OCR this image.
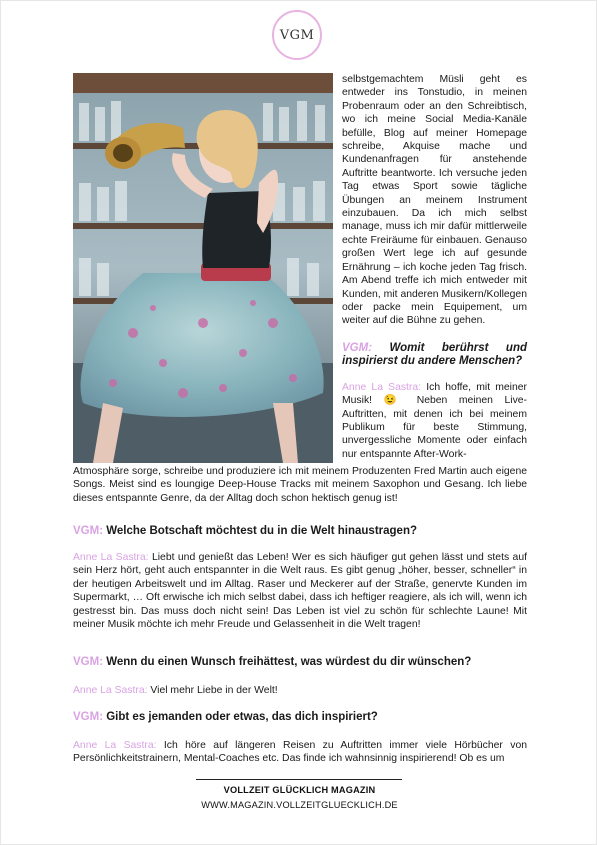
VGM

selbstgemachtem Müsli geht es entweder ins Tonstudio, in meinen Probenraum oder an den Schreibtisch, wo ich meine Social Media-Kanäle befülle, Blog auf meiner Homepage schreibe, Akquise mache und Kundenanfragen für anstehende Auftritte beantworte. Ich versuche jeden Tag etwas Sport sowie tägliche Übungen an meinem Instrument einzubauen. Da ich mich selbst manage, muss ich mir dafür mittlerweile echte Freiräume für einbauen. Genauso großen Wert lege ich auf gesunde Ernährung – ich koche jeden Tag frisch. Am Abend treffe ich mich entweder mit Kunden, mit anderen Musikern/Kollegen oder packe mein Equipement, um weiter auf die Bühne zu gehen.

VGM: Womit berührst und inspirierst du andere Menschen?

Anne La Sastra: Ich hoffe, mit meiner Musik! 😉 Neben meinen Live-Auftritten, mit denen ich bei meinem Publikum für beste Stimmung, unvergessliche Momente oder einfach nur entspannte After-Work-

Atmosphäre sorge, schreibe und produziere ich mit meinem Produzenten Fred Martin auch eigene Songs. Meist sind es loungige Deep-House Tracks mit meinem Saxophon und Gesang. Ich liebe dieses entspannte Genre, da der Alltag doch schon hektisch genug ist!

VGM: Welche Botschaft möchtest du in die Welt hinaustragen?

Anne La Sastra: Liebt und genießt das Leben! Wer es sich häufiger gut gehen lässt und stets auf sein Herz hört, geht auch entspannter in die Welt raus. Es gibt genug „höher, besser, schneller“ in der heutigen Arbeitswelt und im Alltag. Raser und Meckerer auf der Straße, genervte Kunden im Supermarkt, … Oft erwische ich mich selbst dabei, dass ich heftiger reagiere, als ich will, wenn ich gestresst bin. Das muss doch nicht sein! Das Leben ist viel zu schön für schlechte Laune! Mit meiner Musik möchte ich mehr Freude und Gelassenheit in die Welt tragen!

VGM: Wenn du einen Wunsch freihättest, was würdest du dir wünschen?

Anne La Sastra: Viel mehr Liebe in der Welt!

VGM: Gibt es jemanden oder etwas, das dich inspiriert?

Anne La Sastra: Ich höre auf längeren Reisen zu Auftritten immer viele Hörbücher von Persönlichkeitstrainern, Mental-Coaches etc. Das finde ich wahnsinnig inspirierend! Ob es um

VOLLZEIT GLÜCKLICH MAGAZIN
WWW.MAGAZIN.VOLLZEITGLUECKLICH.DE
